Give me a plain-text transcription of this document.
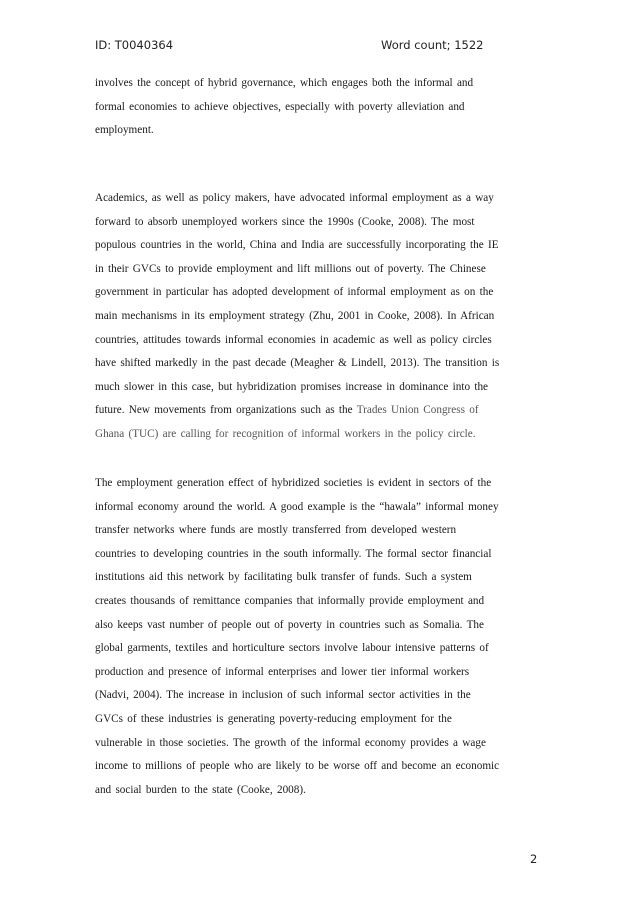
ID: T0040364	Word count; 1522
involves the concept of hybrid governance, which engages both the informal and
formal economies to achieve objectives, especially with poverty alleviation and
employment.
Academics, as well as policy makers, have advocated informal employment as a way
forward to absorb unemployed workers since the 1990s (Cooke, 2008). The most
populous countries in the world, China and India are successfully incorporating the IE
in their GVCs to provide employment and lift millions out of poverty. The Chinese
government in particular has adopted development of informal employment as on the
main mechanisms in its employment strategy (Zhu, 2001 in Cooke, 2008). In African
countries, attitudes towards informal economies in academic as well as policy circles
have shifted markedly in the past decade (Meagher & Lindell, 2013). The transition is
much slower in this case, but hybridization promises increase in dominance into the
future. New movements from organizations such as the Trades Union Congress of
Ghana (TUC) are calling for recognition of informal workers in the policy circle.
The employment generation effect of hybridized societies is evident in sectors of the
informal economy around the world. A good example is the “hawala” informal money
transfer networks where funds are mostly transferred from developed western
countries to developing countries in the south informally. The formal sector financial
institutions aid this network by facilitating bulk transfer of funds. Such a system
creates thousands of remittance companies that informally provide employment and
also keeps vast number of people out of poverty in countries such as Somalia. The
global garments, textiles and horticulture sectors involve labour intensive patterns of
production and presence of informal enterprises and lower tier informal workers
(Nadvi, 2004). The increase in inclusion of such informal sector activities in the
GVCs of these industries is generating poverty-reducing employment for the
vulnerable in those societies. The growth of the informal economy provides a wage
income to millions of people who are likely to be worse off and become an economic
and social burden to the state (Cooke, 2008).
2
